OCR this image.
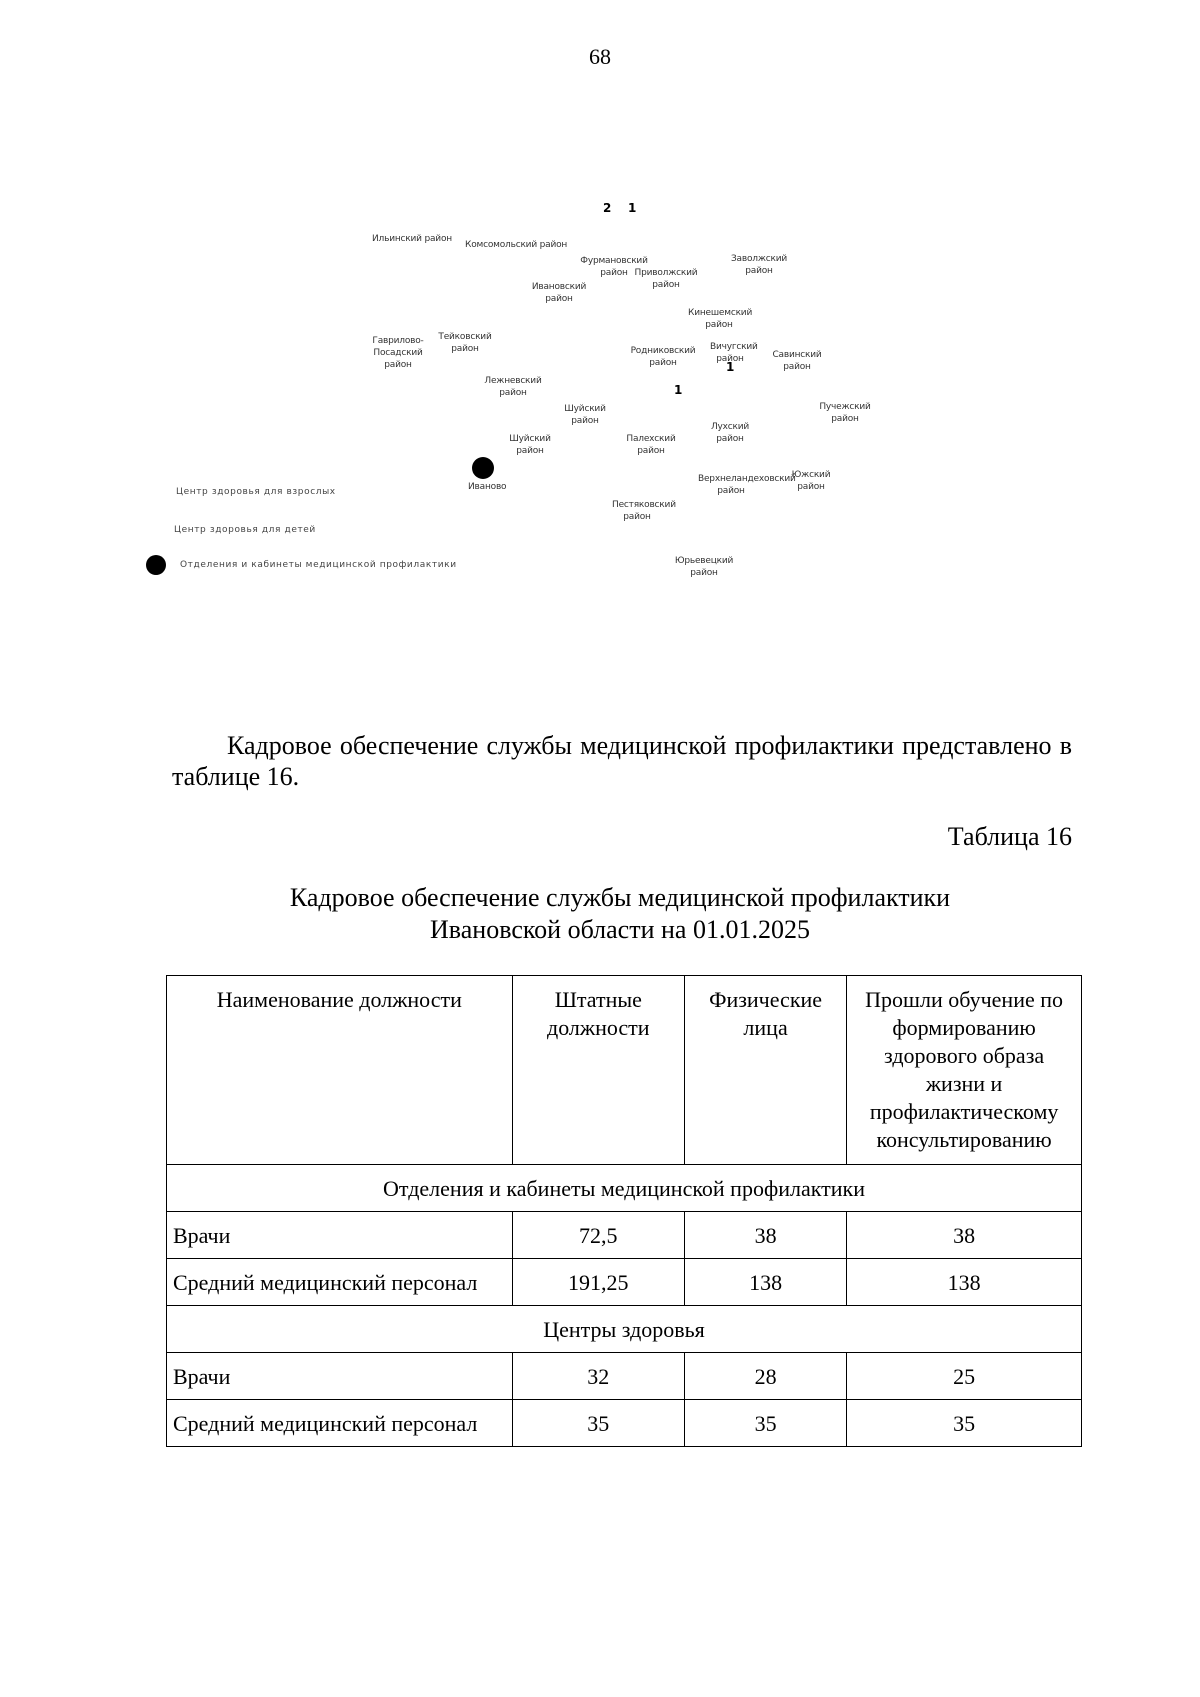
68
2 1
Ильинский район
Комсомольский район
Фурмановский район Приволжский район
Заволжский район
Ивановский район
Кинешемский район
Гаврилово-Посадский район
Тейковский район	Родниковский район
Вичугский район
1
Савинский район
1
Лежневский район
Шуйский район
Пучежский район
Шуйский район
Палехский район
Лухский район
Верхнеландеховский район
Южский район
Пестяковский район
Юрьевецкий район
Иваново
Центр здоровья для взрослых
Центр здоровья для детей
Отделения и кабинеты медицинской профилактики
Кадровое обеспечение службы медицинской профилактики представлено в таблице 16.
Таблица 16
Кадровое обеспечение службы медицинской профилактики
Ивановской области на 01.01.2025
Наименование должности	Штатные должности	Физические лица	Прошли обучение по формированию здорового образа жизни и профилактическому консультированию
Отделения и кабинеты медицинской профилактики			
Врачи	72,5	38	38
Средний медицинский персонал	191,25	138	138
Центры здоровья			
Врачи	32	28	25
Средний медицинский персонал	35	35	35
